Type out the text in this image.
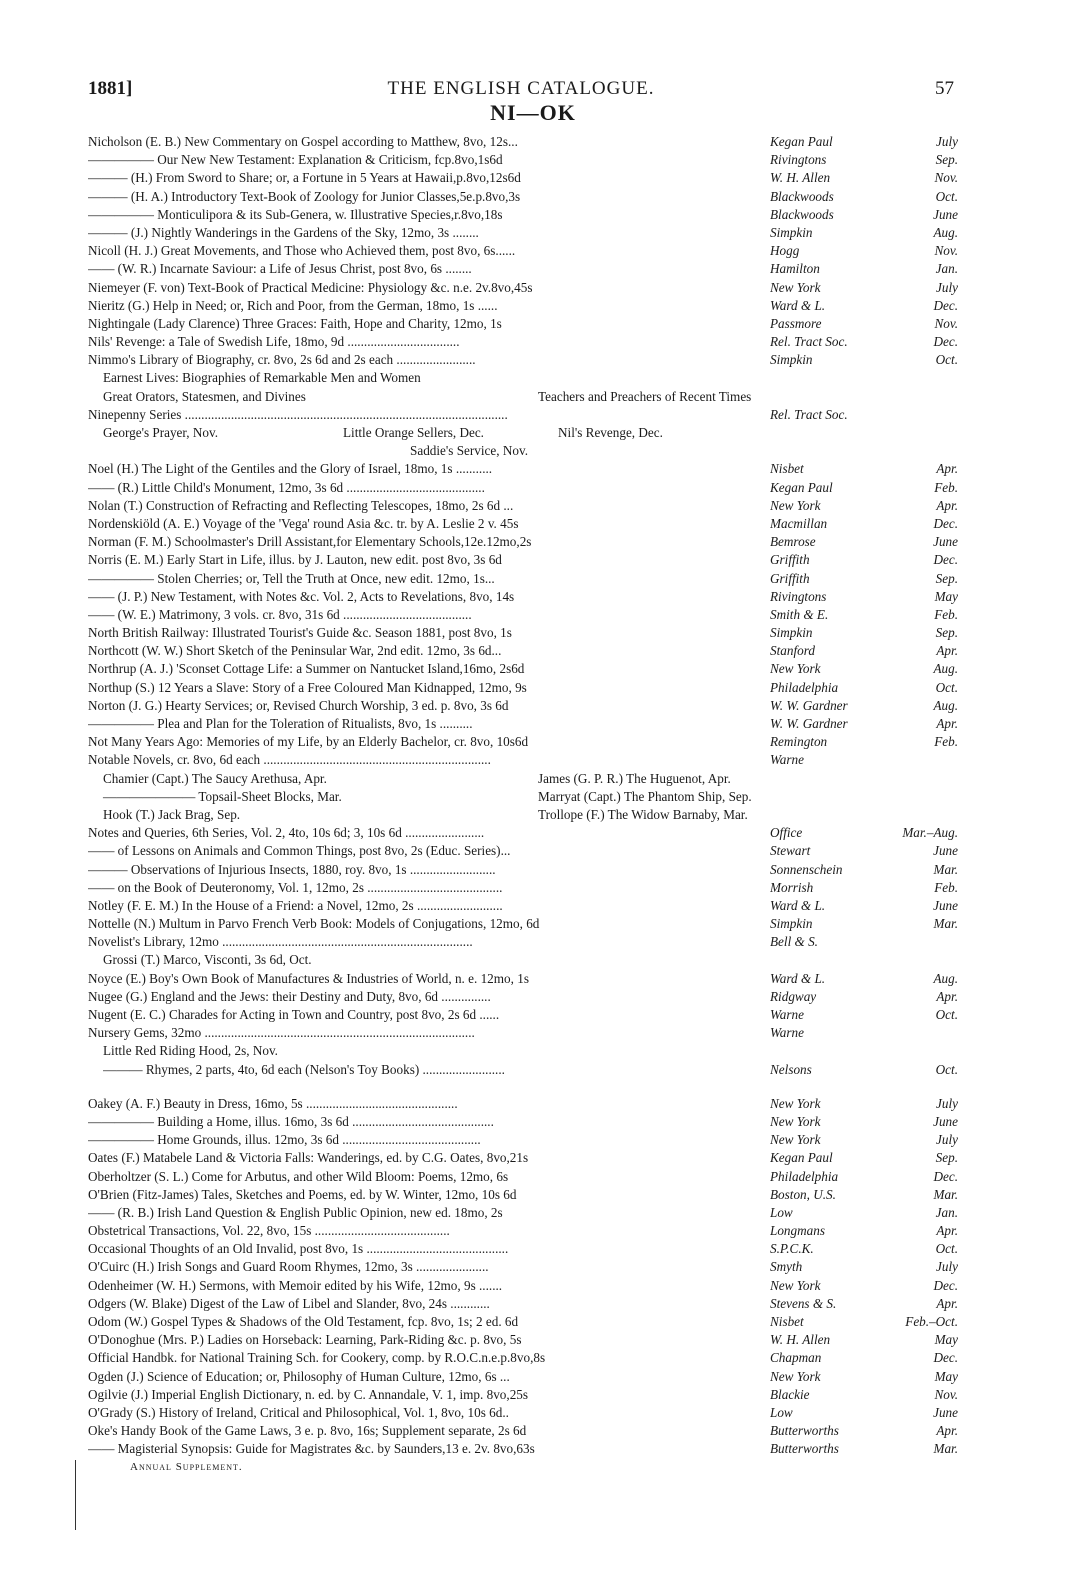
1881]	THE ENGLISH CATALOGUE.	57
NI—OK
Nicholson (E. B.) New Commentary on Gospel according to Matthew, 8vo, 12s...	Kegan Paul	July
————— Our New New Testament: Explanation & Criticism, fcp.8vo,1s6d	Rivingtons	Sep.
——— (H.) From Sword to Share; or, a Fortune in 5 Years at Hawaii,p.8vo,12s6d	W. H. Allen	Nov.
——— (H. A.) Introductory Text-Book of Zoology for Junior Classes,5e.p.8vo,3s	Blackwoods	Oct.
————— Monticulipora & its Sub-Genera, w. Illustrative Species,r.8vo,18s	Blackwoods	June
——— (J.) Nightly Wanderings in the Gardens of the Sky, 12mo, 3s ........	Simpkin	Aug.
Nicoll (H. J.) Great Movements, and Those who Achieved them, post 8vo, 6s......	Hogg	Nov.
—— (W. R.) Incarnate Saviour: a Life of Jesus Christ, post 8vo, 6s ........	Hamilton	Jan.
Niemeyer (F. von) Text-Book of Practical Medicine: Physiology &c. n.e. 2v.8vo,45s	New York	July
Nieritz (G.) Help in Need; or, Rich and Poor, from the German, 18mo, 1s ......	Ward & L.	Dec.
Nightingale (Lady Clarence) Three Graces: Faith, Hope and Charity, 12mo, 1s	Passmore	Nov.
Nils' Revenge: a Tale of Swedish Life, 18mo, 9d ..................................	Rel. Tract Soc.	Dec.
Nimmo's Library of Biography, cr. 8vo, 2s 6d and 2s each ........................	Simpkin	Oct.
Earnest Lives: Biographies of Remarkable Men and Women
Great Orators, Statesmen, and Divines	Teachers and Preachers of Recent Times
Ninepenny Series ..................................................................................................	Rel. Tract Soc.
George's Prayer, Nov.	Little Orange Sellers, Dec.	Nil's Revenge, Dec.
Saddie's Service, Nov.
Noel (H.) The Light of the Gentiles and the Glory of Israel, 18mo, 1s ...........	Nisbet	Apr.
—— (R.) Little Child's Monument, 12mo, 3s 6d ..........................................	Kegan Paul	Feb.
Nolan (T.) Construction of Refracting and Reflecting Telescopes, 18mo, 2s 6d ...	New York	Apr.
Nordenskiöld (A. E.) Voyage of the 'Vega' round Asia &c. tr. by A. Leslie 2 v. 45s	Macmillan	Dec.
Norman (F. M.) Schoolmaster's Drill Assistant,for Elementary Schools,12e.12mo,2s	Bemrose	June
Norris (E. M.) Early Start in Life, illus. by J. Lauton, new edit. post 8vo, 3s 6d	Griffith	Dec.
————— Stolen Cherries; or, Tell the Truth at Once, new edit. 12mo, 1s...	Griffith	Sep.
—— (J. P.) New Testament, with Notes &c. Vol. 2, Acts to Revelations, 8vo, 14s	Rivingtons	May
—— (W. E.) Matrimony, 3 vols. cr. 8vo, 31s 6d .......................................	Smith & E.	Feb.
North British Railway: Illustrated Tourist's Guide &c. Season 1881, post 8vo, 1s	Simpkin	Sep.
Northcott (W. W.) Short Sketch of the Peninsular War, 2nd edit. 12mo, 3s 6d...	Stanford	Apr.
Northrup (A. J.) 'Sconset Cottage Life: a Summer on Nantucket Island,16mo, 2s6d	New York	Aug.
Northup (S.) 12 Years a Slave: Story of a Free Coloured Man Kidnapped, 12mo, 9s	Philadelphia	Oct.
Norton (J. G.) Hearty Services; or, Revised Church Worship, 3 ed. p. 8vo, 3s 6d	W. W. Gardner	Aug.
————— Plea and Plan for the Toleration of Ritualists, 8vo, 1s ..........	W. W. Gardner	Apr.
Not Many Years Ago: Memories of my Life, by an Elderly Bachelor, cr. 8vo, 10s6d	Remington	Feb.
Notable Novels, cr. 8vo, 6d each .....................................................................	Warne
Chamier (Capt.) The Saucy Arethusa, Apr.	James (G. P. R.) The Huguenot, Apr.
——————— Topsail-Sheet Blocks, Mar.	Marryat (Capt.) The Phantom Ship, Sep.
Hook (T.) Jack Brag, Sep.	Trollope (F.) The Widow Barnaby, Mar.
Notes and Queries, 6th Series, Vol. 2, 4to, 10s 6d; 3, 10s 6d ........................	Office	Mar.–Aug.
—— of Lessons on Animals and Common Things, post 8vo, 2s (Educ. Series)...	Stewart	June
——— Observations of Injurious Insects, 1880, roy. 8vo, 1s ..........................	Sonnenschein	Mar.
—— on the Book of Deuteronomy, Vol. 1, 12mo, 2s .........................................	Morrish	Feb.
Notley (F. E. M.) In the House of a Friend: a Novel, 12mo, 2s ..........................	Ward & L.	June
Nottelle (N.) Multum in Parvo French Verb Book: Models of Conjugations, 12mo, 6d	Simpkin	Mar.
Novelist's Library, 12mo ............................................................................	Bell & S.
Grossi (T.) Marco, Visconti, 3s 6d, Oct.
Noyce (E.) Boy's Own Book of Manufactures & Industries of World, n. e. 12mo, 1s	Ward & L.	Aug.
Nugee (G.) England and the Jews: their Destiny and Duty, 8vo, 6d ...............	Ridgway	Apr.
Nugent (E. C.) Charades for Acting in Town and Country, post 8vo, 2s 6d ......	Warne	Oct.
Nursery Gems, 32mo ..................................................................................	Warne
Little Red Riding Hood, 2s, Nov.
——— Rhymes, 2 parts, 4to, 6d each (Nelson's Toy Books) .........................	Nelsons	Oct.
Oakey (A. F.) Beauty in Dress, 16mo, 5s ..............................................	New York	July
————— Building a Home, illus. 16mo, 3s 6d ...........................................	New York	June
————— Home Grounds, illus. 12mo, 3s 6d ..........................................	New York	July
Oates (F.) Matabele Land & Victoria Falls: Wanderings, ed. by C.G. Oates, 8vo,21s	Kegan Paul	Sep.
Oberholtzer (S. L.) Come for Arbutus, and other Wild Bloom: Poems, 12mo, 6s	Philadelphia	Dec.
O'Brien (Fitz-James) Tales, Sketches and Poems, ed. by W. Winter, 12mo, 10s 6d	Boston, U.S.	Mar.
—— (R. B.) Irish Land Question & English Public Opinion, new ed. 18mo, 2s	Low	Jan.
Obstetrical Transactions, Vol. 22, 8vo, 15s .........................................	Longmans	Apr.
Occasional Thoughts of an Old Invalid, post 8vo, 1s ...........................................	S.P.C.K.	Oct.
O'Cuirc (H.) Irish Songs and Guard Room Rhymes, 12mo, 3s ......................	Smyth	July
Odenheimer (W. H.) Sermons, with Memoir edited by his Wife, 12mo, 9s .......	New York	Dec.
Odgers (W. Blake) Digest of the Law of Libel and Slander, 8vo, 24s ............	Stevens & S.	Apr.
Odom (W.) Gospel Types & Shadows of the Old Testament, fcp. 8vo, 1s; 2 ed. 6d	Nisbet	Feb.–Oct.
O'Donoghue (Mrs. P.) Ladies on Horseback: Learning, Park-Riding &c. p. 8vo, 5s	W. H. Allen	May
Official Handbk. for National Training Sch. for Cookery, comp. by R.O.C.n.e.p.8vo,8s	Chapman	Dec.
Ogden (J.) Science of Education; or, Philosophy of Human Culture, 12mo, 6s ...	New York	May
Ogilvie (J.) Imperial English Dictionary, n. ed. by C. Annandale, V. 1, imp. 8vo,25s	Blackie	Nov.
O'Grady (S.) History of Ireland, Critical and Philosophical, Vol. 1, 8vo, 10s 6d..	Low	June
Oke's Handy Book of the Game Laws, 3 e. p. 8vo, 16s; Supplement separate, 2s 6d	Butterworths	Apr.
—— Magisterial Synopsis: Guide for Magistrates &c. by Saunders,13 e. 2v. 8vo,63s	Butterworths	Mar.
Annual Supplement.
